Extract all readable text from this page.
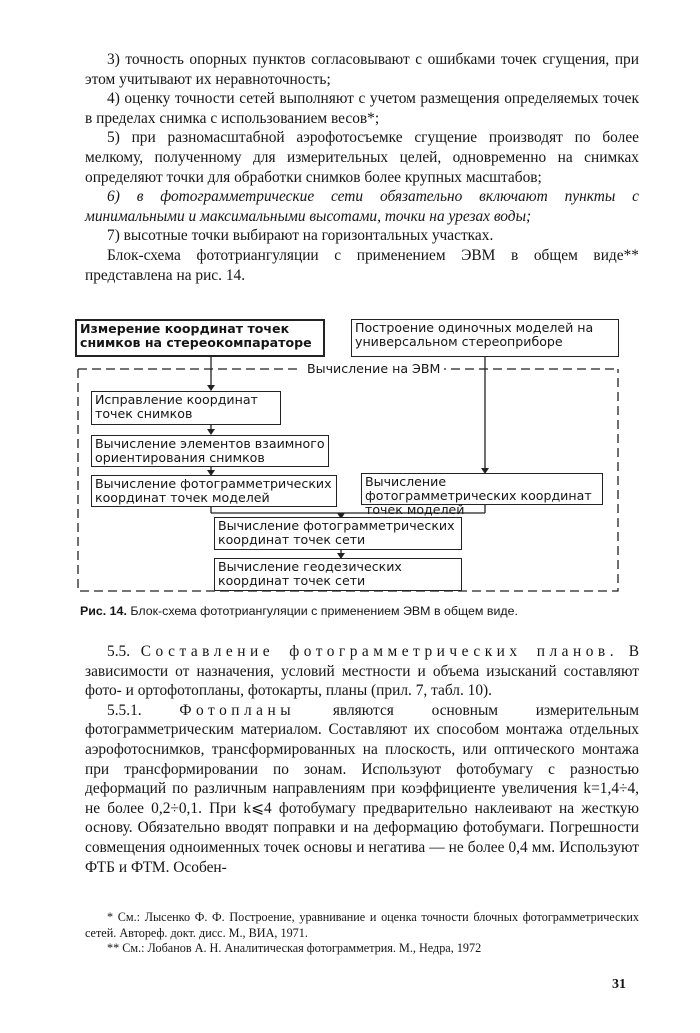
3) точность опорных пунктов согласовывают с ошибками точек сгущения, при этом учитывают их неравноточность;

4) оценку точности сетей выполняют с учетом размещения определяемых точек в пределах снимка с использованием весов*;

5) при разномасштабной аэрофотосъемке сгущение производят по более мелкому, полученному для измерительных целей, одновременно на снимках определяют точки для обработки снимков более крупных масштабов;

6) в фотограмметрические сети обязательно включают пункты с минимальными и максимальными высотами, точки на урезах воды;

7) высотные точки выбирают на горизонтальных участках.

Блок-схема фототриангуляции с применением ЭВМ в общем виде** представлена на рис. 14.

Измерение координат точек снимков на стереокомпараторе
Построение одиночных моделей на универсальном стереоприборе
Вычисление на ЭВМ
Исправление координат точек снимков
Вычисление элементов взаимного ориентирования снимков
Вычисление фотограмметрических координат точек моделей
Вычисление фотограмметрических координат точек моделей
Вычисление фотограмметрических координат точек сети
Вычисление геодезических координат точек сети
Рис. 14. Блок-схема фототриангуляции с применением ЭВМ в общем виде.

5.5. Составление фотограмметрических планов. В зависимости от назначения, условий местности и объема изысканий составляют фото- и ортофотопланы, фотокарты, планы (прил. 7, табл. 10).

5.5.1. Фотопланы являются основным измерительным фотограмметрическим материалом. Составляют их способом монтажа отдельных аэрофотоснимков, трансформированных на плоскость, или оптического монтажа при трансформировании по зонам. Используют фотобумагу с разностью деформаций по различным направлениям при коэффициенте увеличения k=1,4÷4, не более 0,2÷0,1. При k⩽4 фотобумагу предварительно наклеивают на жесткую основу. Обязательно вводят поправки и на деформацию фотобумаги. Погрешности совмещения одноименных точек основы и негатива — не более 0,4 мм. Используют ФТБ и ФТМ. Особен-

* См.: Лысенко Ф. Ф. Построение, уравнивание и оценка точности блочных фотограмметрических сетей. Автореф. докт. дисс. М., ВИА, 1971.

** См.: Лобанов А. Н. Аналитическая фотограмметрия. М., Недра, 1972

31
